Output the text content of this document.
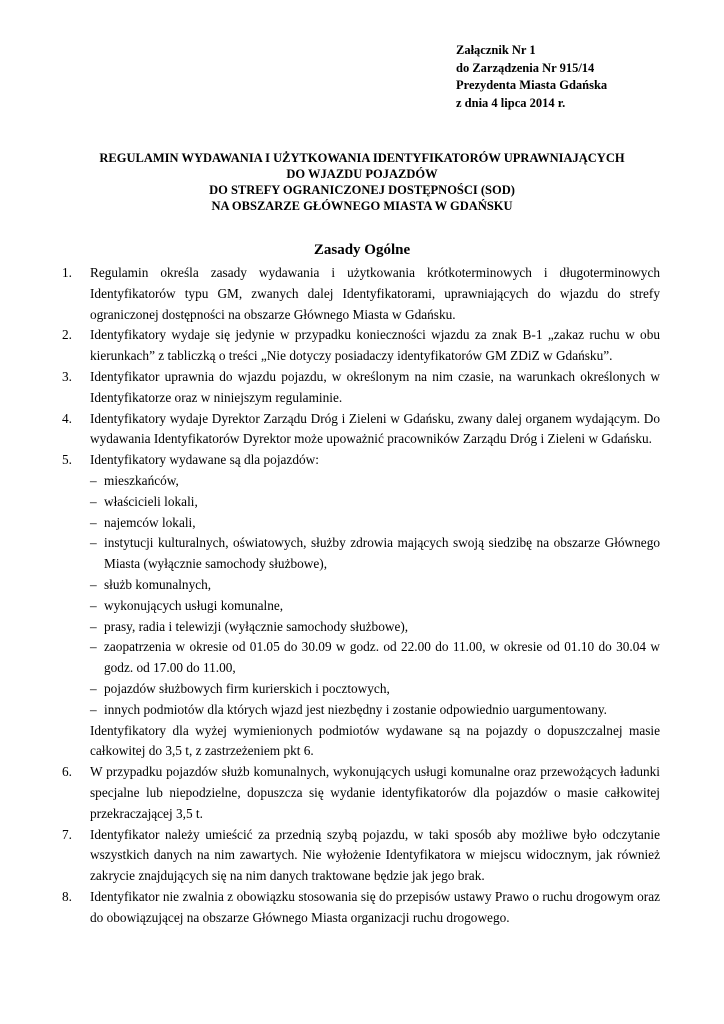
Załącznik Nr 1
do Zarządzenia Nr 915/14
Prezydenta Miasta Gdańska
z dnia 4 lipca 2014 r.
REGULAMIN WYDAWANIA I UŻYTKOWANIA IDENTYFIKATORÓW UPRAWNIAJĄCYCH
DO WJAZDU POJAZDÓW
DO STREFY OGRANICZONEJ DOSTĘPNOŚCI (SOD)
NA OBSZARZE GŁÓWNEGO MIASTA W GDAŃSKU
Zasady Ogólne
1. Regulamin określa zasady wydawania i użytkowania krótkoterminowych i długoterminowych Identyfikatorów typu GM, zwanych dalej Identyfikatorami, uprawniających do wjazdu do strefy ograniczonej dostępności na obszarze Głównego Miasta w Gdańsku.
2. Identyfikatory wydaje się jedynie w przypadku konieczności wjazdu za znak B-1 „zakaz ruchu w obu kierunkach” z tabliczką o treści „Nie dotyczy posiadaczy identyfikatorów GM ZDiZ w Gdańsku”.
3. Identyfikator uprawnia do wjazdu pojazdu, w określonym na nim czasie, na warunkach określonych w Identyfikatorze oraz w niniejszym regulaminie.
4. Identyfikatory wydaje Dyrektor Zarządu Dróg i Zieleni w Gdańsku, zwany dalej organem wydającym. Do wydawania Identyfikatorów Dyrektor może upoważnić pracowników Zarządu Dróg i Zieleni w Gdańsku.
5. Identyfikatory wydawane są dla pojazdów:
– mieszkańców,
– właścicieli lokali,
– najemców lokali,
– instytucji kulturalnych, oświatowych, służby zdrowia mających swoją siedzibę na obszarze Głównego Miasta (wyłącznie samochody służbowe),
– służb komunalnych,
– wykonujących usługi komunalne,
– prasy, radia i telewizji (wyłącznie samochody służbowe),
– zaopatrzenia w okresie od 01.05 do 30.09 w godz. od 22.00 do 11.00, w okresie od 01.10 do 30.04 w godz. od 17.00 do 11.00,
– pojazdów służbowych firm kurierskich i pocztowych,
– innych podmiotów dla których wjazd jest niezbędny i zostanie odpowiednio uargumentowany.
Identyfikatory dla wyżej wymienionych podmiotów wydawane są na pojazdy o dopuszczalnej masie całkowitej do 3,5 t, z zastrzeżeniem pkt 6.
6. W przypadku pojazdów służb komunalnych, wykonujących usługi komunalne oraz przewożących ładunki specjalne lub niepodzielne, dopuszcza się wydanie identyfikatorów dla pojazdów o masie całkowitej przekraczającej 3,5 t.
7. Identyfikator należy umieścić za przednią szybą pojazdu, w taki sposób aby możliwe było odczytanie wszystkich danych na nim zawartych. Nie wyłożenie Identyfikatora w miejscu widocznym, jak również zakrycie znajdujących się na nim danych traktowane będzie jak jego brak.
8. Identyfikator nie zwalnia z obowiązku stosowania się do przepisów ustawy Prawo o ruchu drogowym oraz do obowiązującej na obszarze Głównego Miasta organizacji ruchu drogowego.
